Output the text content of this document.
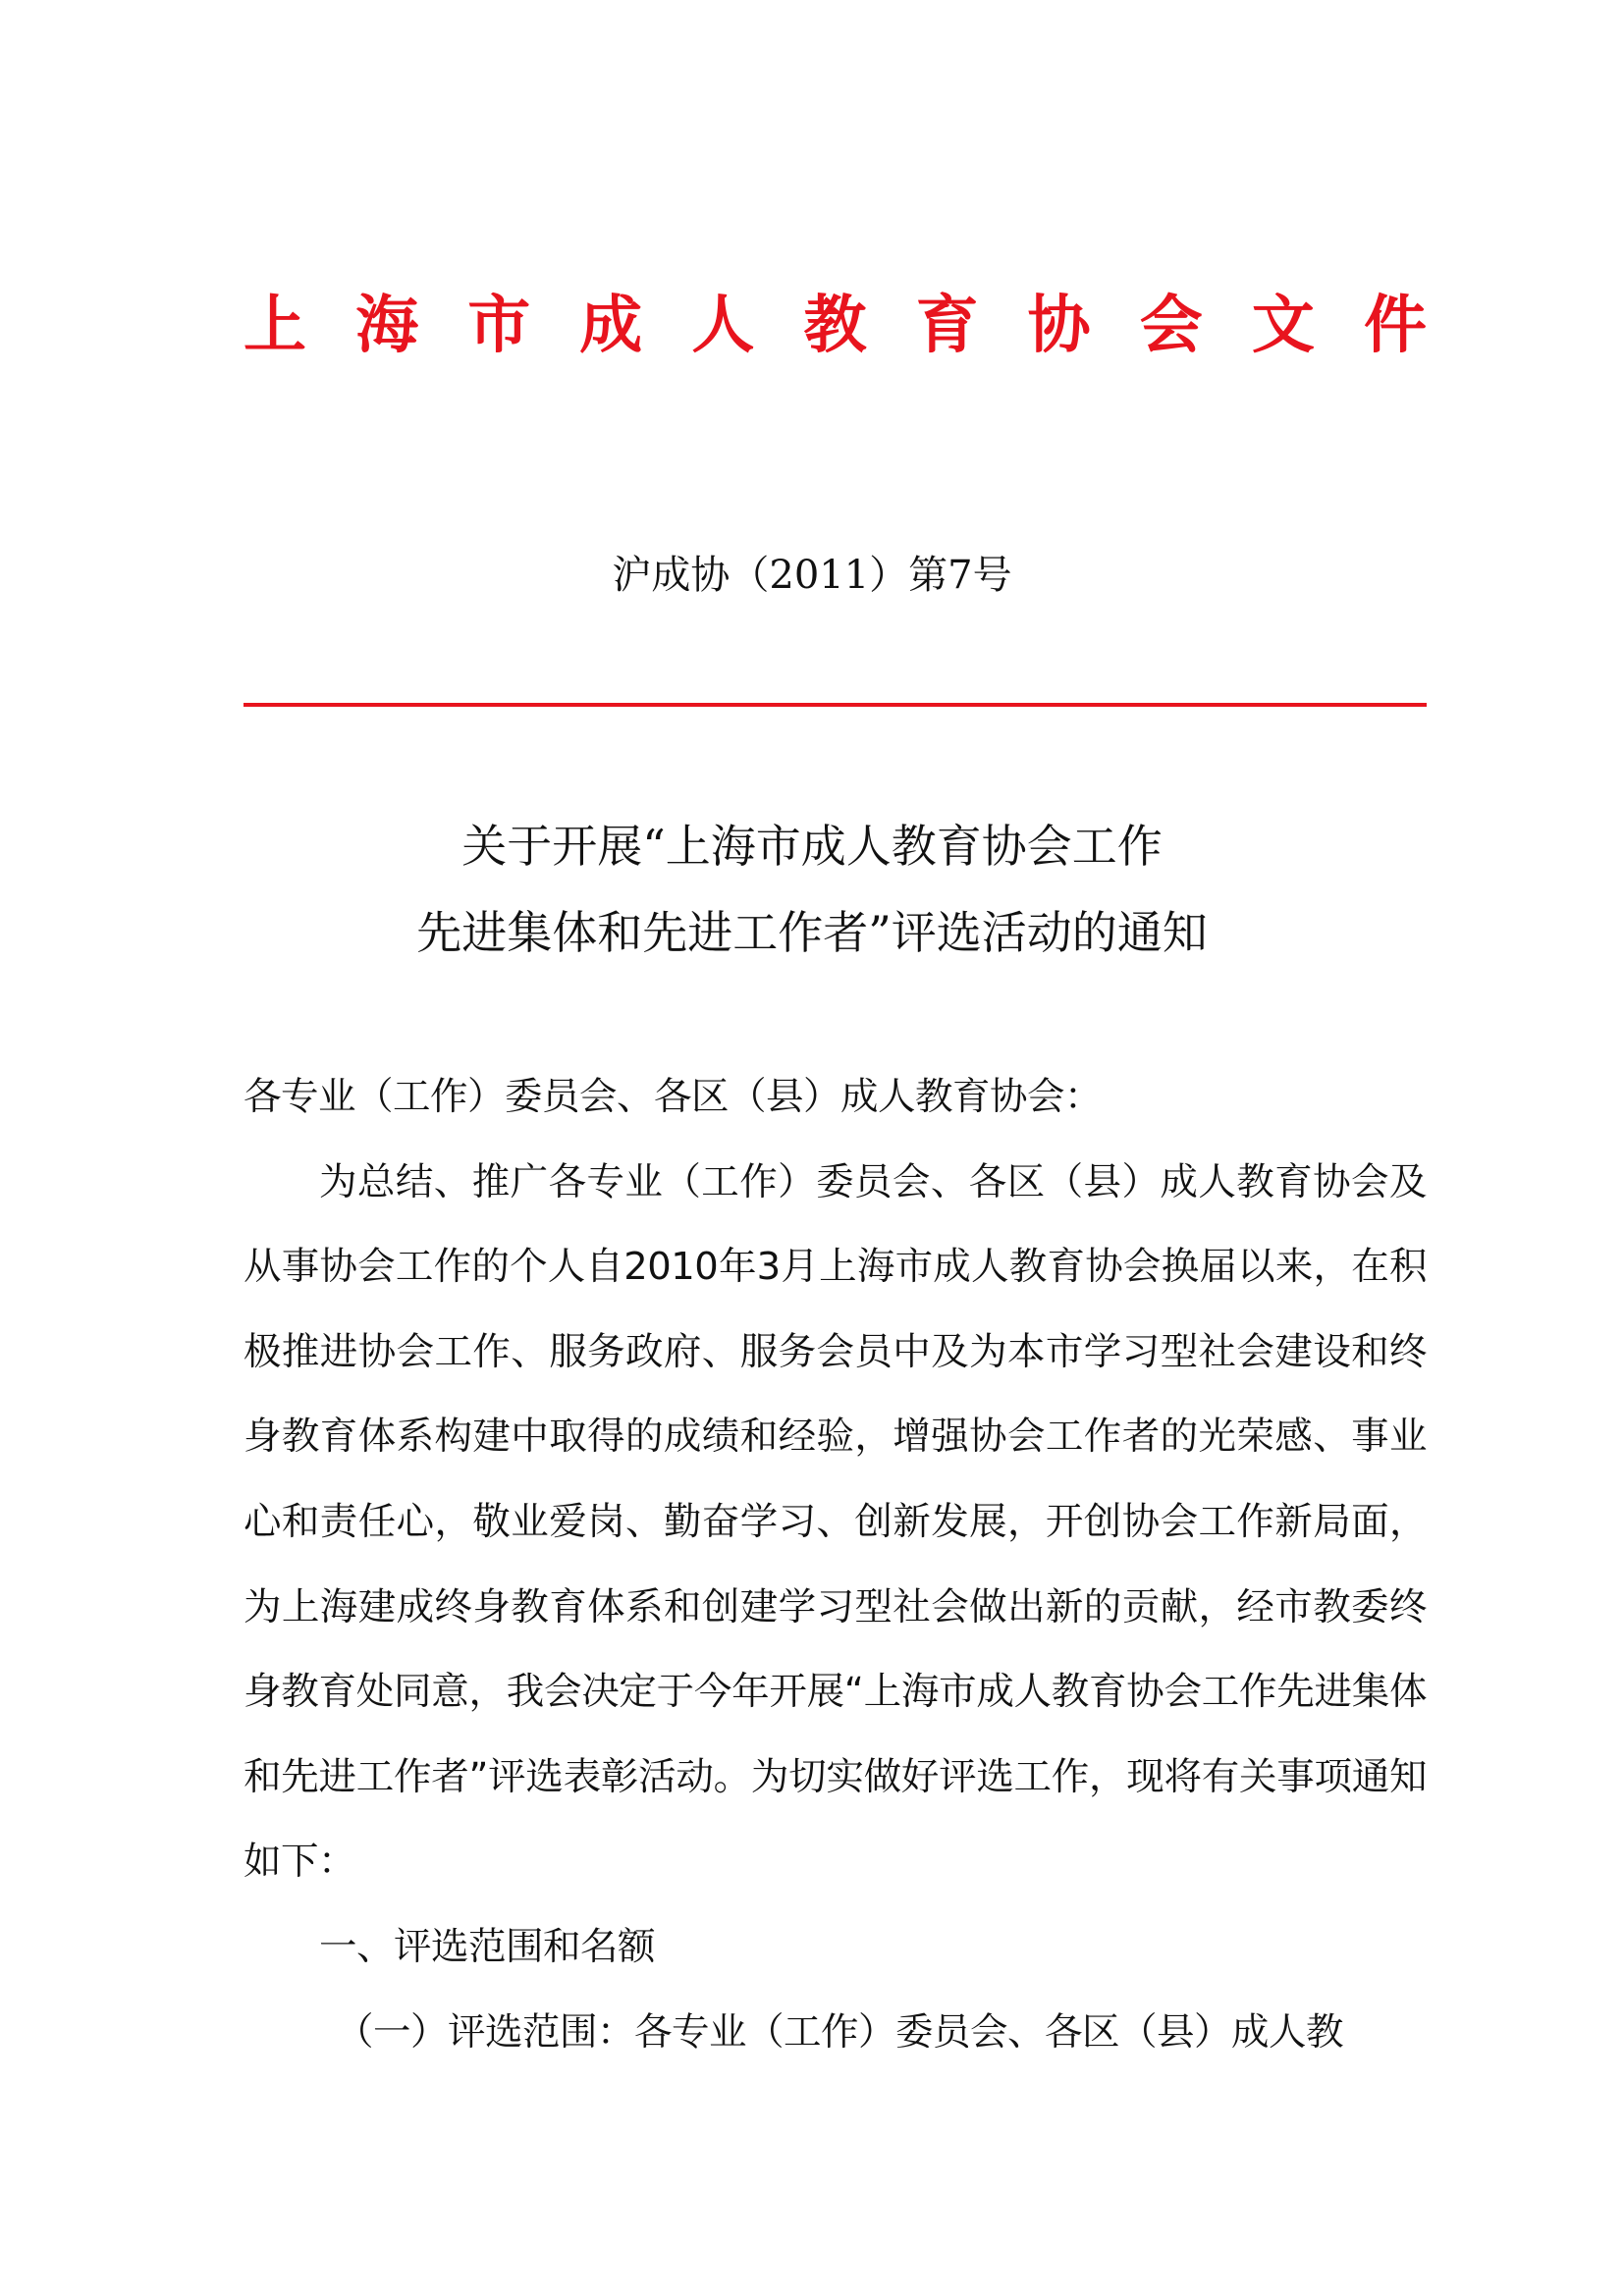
上 海 市 成 人 教 育 协 会 文 件
沪成协（2011）第7号
关于开展“上海市成人教育协会工作
先进集体和先进工作者”评选活动的通知

各专业（工作）委员会、各区（县）成人教育协会：

为总结、推广各专业（工作）委员会、各区（县）成人教育协会及从事协会工作的个人自2010年3月上海市成人教育协会换届以来，在积极推进协会工作、服务政府、服务会员中及为本市学习型社会建设和终身教育体系构建中取得的成绩和经验，增强协会工作者的光荣感、事业心和责任心，敬业爱岗、勤奋学习、创新发展，开创协会工作新局面，为上海建成终身教育体系和创建学习型社会做出新的贡献，经市教委终身教育处同意，我会决定于今年开展“上海市成人教育协会工作先进集体和先进工作者”评选表彰活动。为切实做好评选工作，现将有关事项通知如下：

一、评选范围和名额

（一）评选范围：各专业（工作）委员会、各区（县）成人教
